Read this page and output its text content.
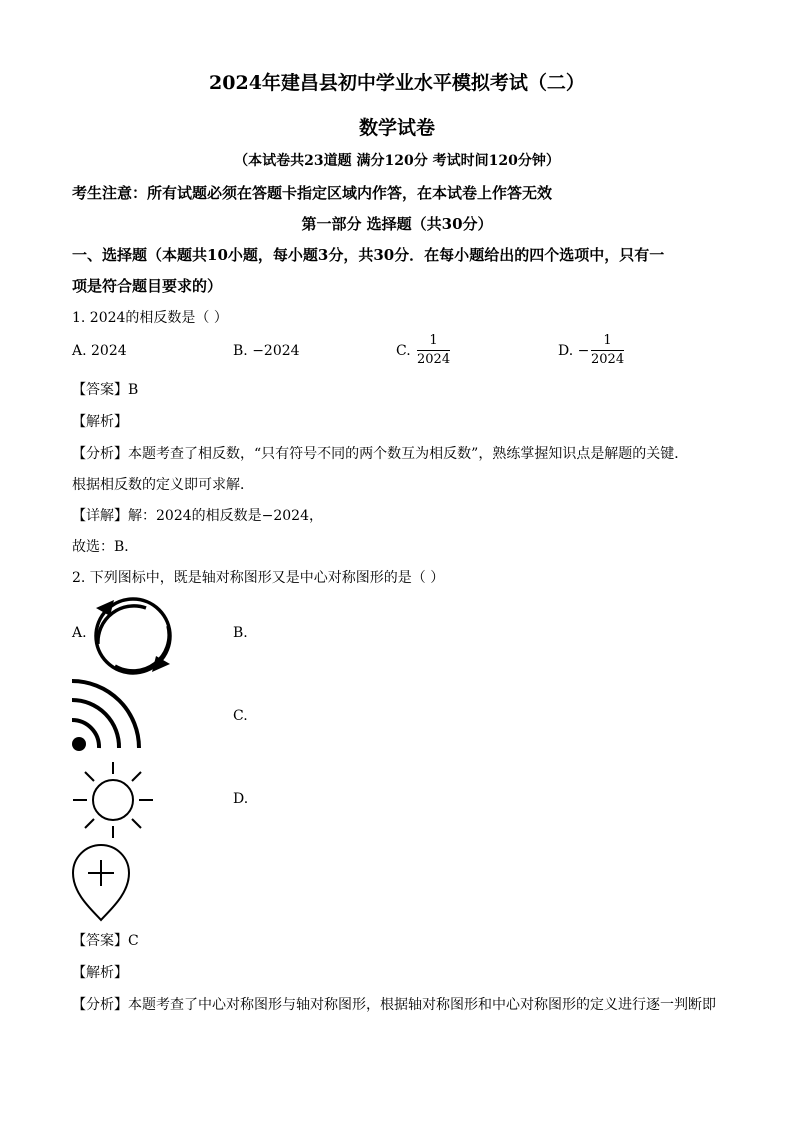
2024年建昌县初中学业水平模拟考试（二）
数学试卷
（本试卷共23道题 满分120分 考试时间120分钟）
考生注意：所有试题必须在答题卡指定区域内作答，在本试卷上作答无效
第一部分 选择题（共30分）
一、选择题（本题共10小题，每小题3分，共30分．在每小题给出的四个选项中，只有一
项是符合题目要求的）
1. 2024的相反数是（ ）
A. 2024	B. −2024	C. $\frac{1}{2024}$	D. − $\frac{1}{2024}$
【答案】B
【解析】
【分析】本题考查了相反数，“只有符号不同的两个数互为相反数”，熟练掌握知识点是解题的关键．
根据相反数的定义即可求解．
【详解】解：2024的相反数是−2024，
故选：B．
2. 下列图标中，既是轴对称图形又是中心对称图形的是（ ）
A.	B.
C.
D.
【答案】C
【解析】
【分析】本题考查了中心对称图形与轴对称图形，根据轴对称图形和中心对称图形的定义进行逐一判断即
